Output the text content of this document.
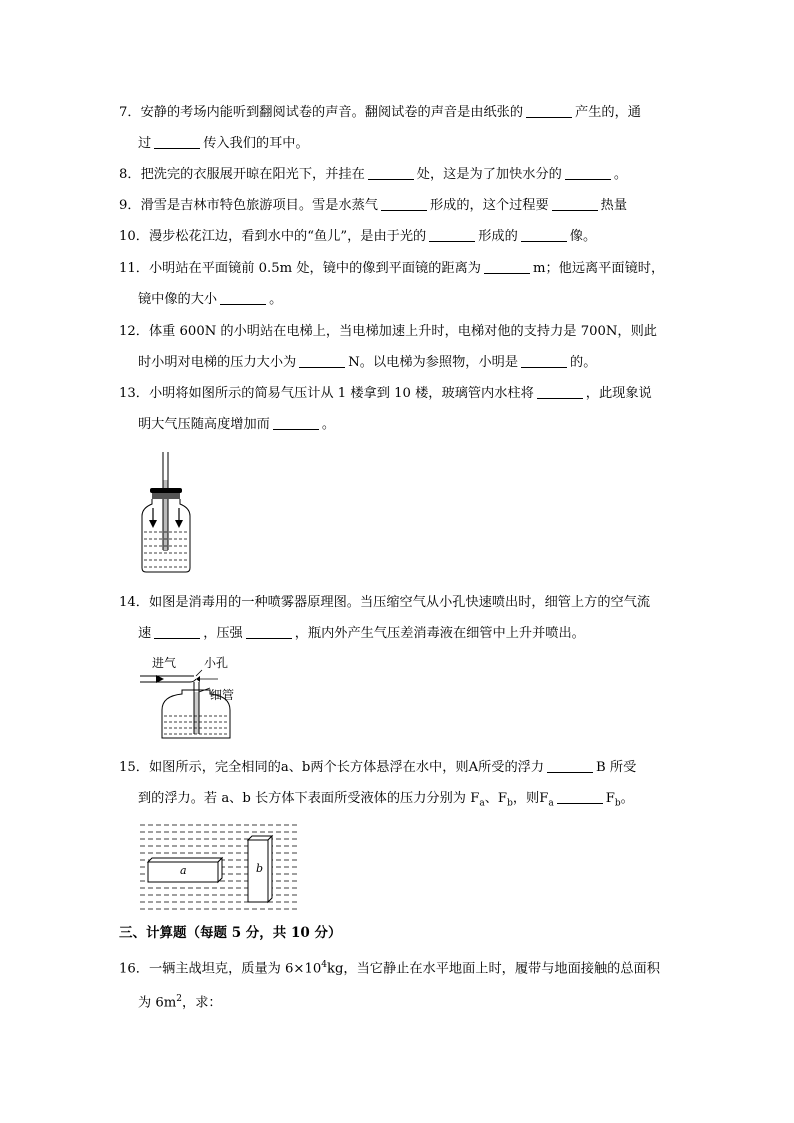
7．安静的考场内能听到翻阅试卷的声音。翻阅试卷的声音是由纸张的	产生的，通
过	传入我们的耳中。
8．把洗完的衣服展开晾在阳光下，并挂在	处，这是为了加快水分的	。
9．滑雪是吉林市特色旅游项目。雪是水蒸气	形成的，这个过程要	热量
10．漫步松花江边，看到水中的“鱼儿”，是由于光的	形成的	像。
11．小明站在平面镜前 0.5m 处，镜中的像到平面镜的距离为	m；他远离平面镜时，
镜中像的大小	。
12．体重 600N 的小明站在电梯上，当电梯加速上升时，电梯对他的支持力是 700N，则此
时小明对电梯的压力大小为	N。以电梯为参照物，小明是	的。
13．小明将如图所示的简易气压计从 1 楼拿到 10 楼，玻璃管内水柱将	，此现象说
明大气压随高度增加而	。
14．如图是消毒用的一种喷雾器原理图。当压缩空气从小孔快速喷出时，细管上方的空气流
速	，压强	，瓶内外产生气压差消毒液在细管中上升并喷出。
进气 小孔
细管
15．如图所示，完全相同的a、b两个长方体悬浮在水中，则A所受的浮力	B 所受
到的浮力。若 a、b 长方体下表面所受液体的压力分别为 $F_a$、$F_b$，则$F_a$	$F_b$。
a	b
三、计算题（每题 5 分，共 10 分）
16．一辆主战坦克，质量为 $6\times 10^4kg$，当它静止在水平地面上时，履带与地面接触的总面积
为 $6m^2$，求：
